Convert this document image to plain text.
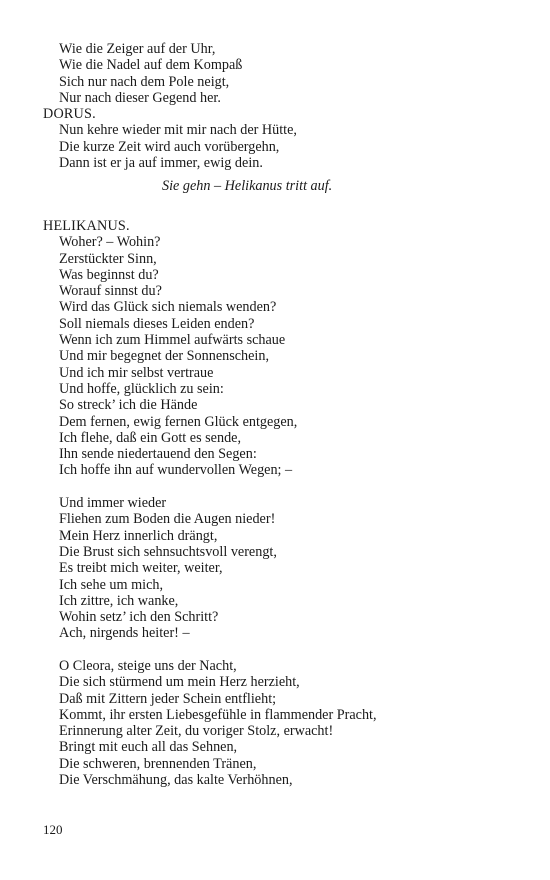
Wie die Zeiger auf der Uhr,
Wie die Nadel auf dem Kompaß
Sich nur nach dem Pole neigt,
Nur nach dieser Gegend her.
DORUS.
Nun kehre wieder mit mir nach der Hütte,
Die kurze Zeit wird auch vorübergehn,
Dann ist er ja auf immer, ewig dein.
Sie gehn – Helikanus tritt auf.
HELIKANUS.
Woher? – Wohin?
Zerstückter Sinn,
Was beginnst du?
Worauf sinnst du?
Wird das Glück sich niemals wenden?
Soll niemals dieses Leiden enden?
Wenn ich zum Himmel aufwärts schaue
Und mir begegnet der Sonnenschein,
Und ich mir selbst vertraue
Und hoffe, glücklich zu sein:
So streck’ ich die Hände
Dem fernen, ewig fernen Glück entgegen,
Ich flehe, daß ein Gott es sende,
Ihn sende niedertauend den Segen:
Ich hoffe ihn auf wundervollen Wegen; –
Und immer wieder
Fliehen zum Boden die Augen nieder!
Mein Herz innerlich drängt,
Die Brust sich sehnsuchtsvoll verengt,
Es treibt mich weiter, weiter,
Ich sehe um mich,
Ich zittre, ich wanke,
Wohin setz’ ich den Schritt?
Ach, nirgends heiter! –
O Cleora, steige uns der Nacht,
Die sich stürmend um mein Herz herzieht,
Daß mit Zittern jeder Schein entflieht;
Kommt, ihr ersten Liebesgefühle in flammender Pracht,
Erinnerung alter Zeit, du voriger Stolz, erwacht!
Bringt mit euch all das Sehnen,
Die schweren, brennenden Tränen,
Die Verschmähung, das kalte Verhöhnen,
120
